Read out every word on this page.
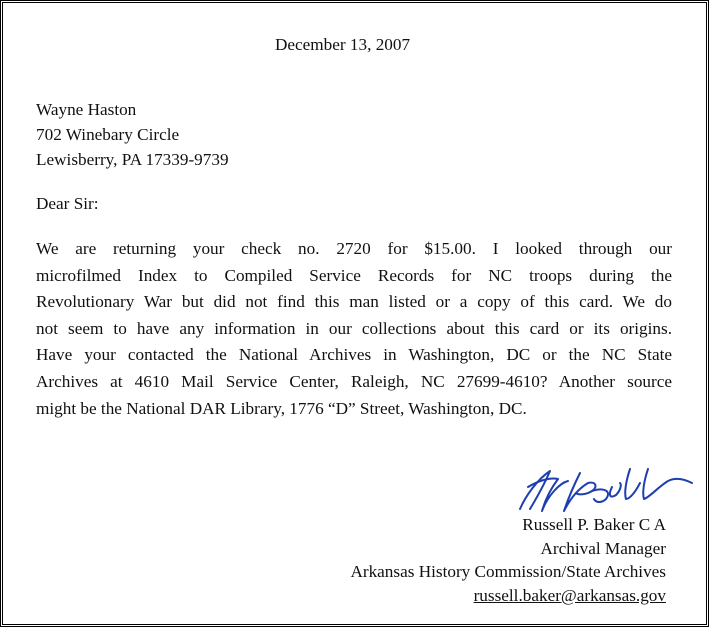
December 13, 2007
Wayne Haston
702 Winebary Circle
Lewisberry, PA 17339-9739
Dear Sir:
We are returning your check no. 2720 for $15.00. I looked through our
microfilmed Index to Compiled Service Records for NC troops during the
Revolutionary War but did not find this man listed or a copy of this card. We do
not seem to have any information in our collections about this card or its origins.
Have your contacted the National Archives in Washington, DC or the NC State
Archives at 4610 Mail Service Center, Raleigh, NC 27699-4610? Another source
might be the National DAR Library, 1776 “D” Street, Washington, DC.
Russell P. Baker C A
Archival Manager
Arkansas History Commission/State Archives
russell.baker@arkansas.gov
